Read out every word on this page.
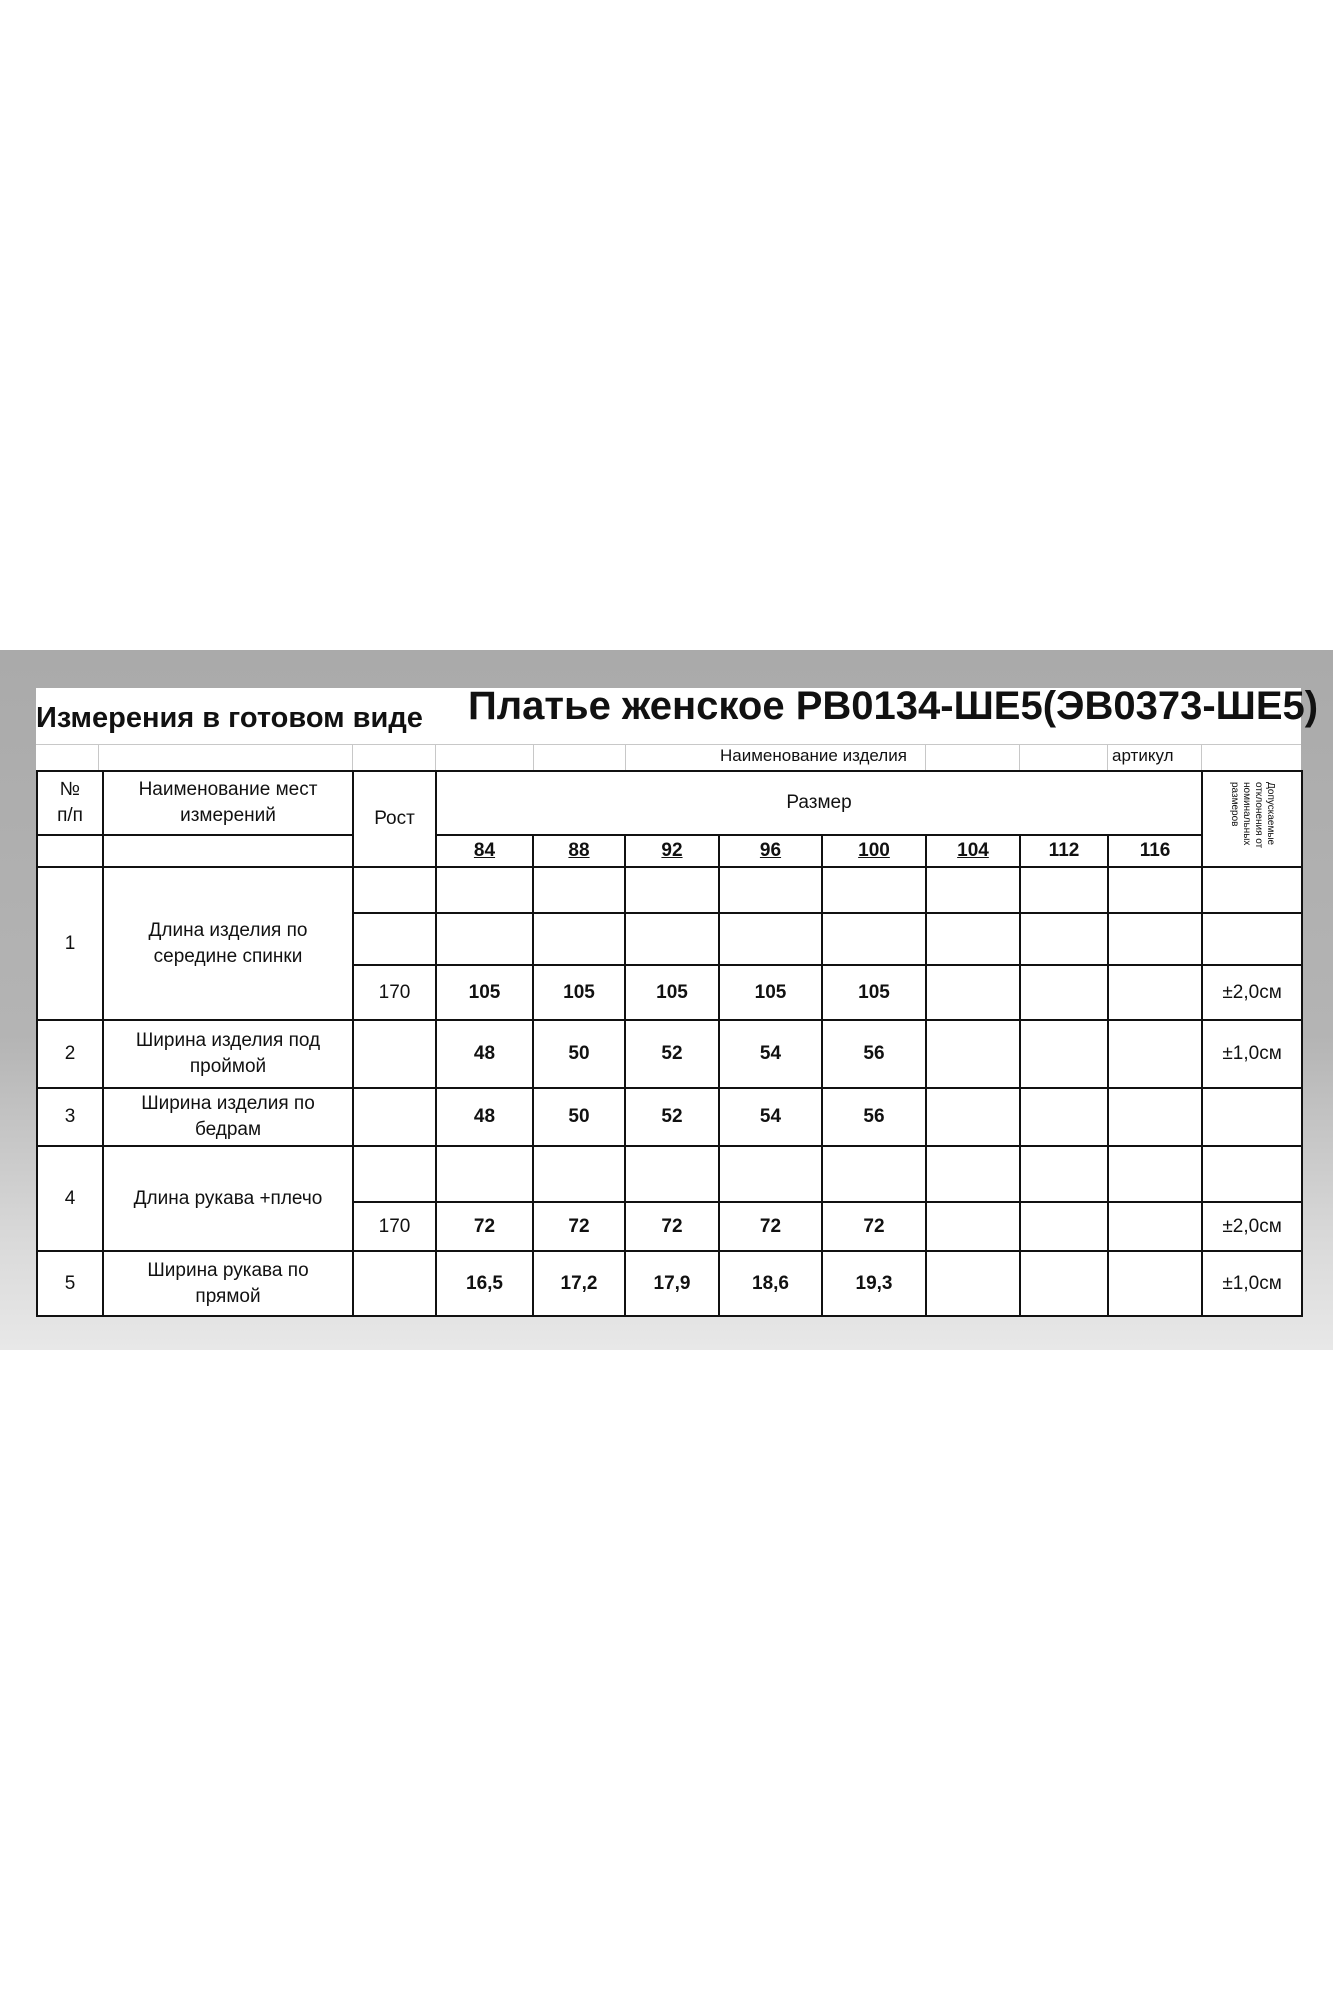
Измерения в готовом виде Платье женское РВ0134-ШЕ5(ЭВ0373-ШЕ5)
Наименование изделия	артикул
№
п/п	Наименование мест
измерений	Рост	Размер								Допускаемые
отклонения от
номинальных
размеров
			84	88	92	96	100	104	112	116	
1	Длина изделия по
середине спинки										

		170	105	105	105	105	105				±2,0см
2	Ширина изделия под
проймой		48	50	52	54	56				±1,0см
3	Ширина изделия по
бедрам		48	50	52	54	56				
4	Длина рукава +плечо										
		170	72	72	72	72	72				±2,0см
5	Ширина рукава по
прямой		16,5	17,2	17,9	18,6	19,3				±1,0см
